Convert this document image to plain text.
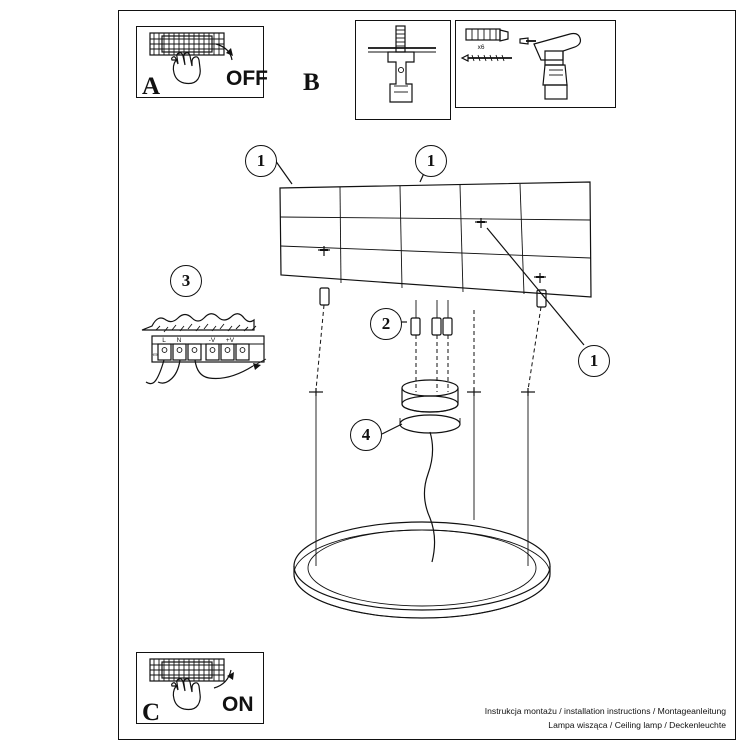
x6
L N	-V +V
⏛
A	OFF B
C	ON
1	1
1
2
3
4
Instrukcja montażu / installation instructions / Montageanleitung
Lampa wisząca / Ceiling lamp / Deckenleuchte
